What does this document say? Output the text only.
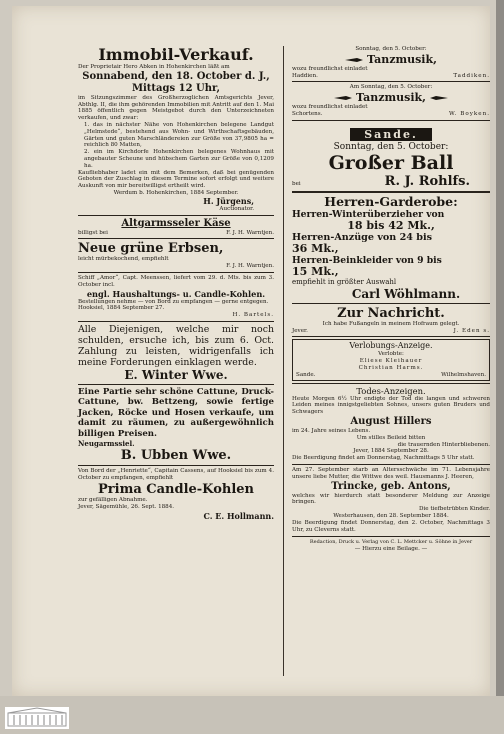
Immobil-Verkauf.
Der Proprietair Hero Abken in Hohenkirchen läßt am
Sonnabend, den 18. October d. J.,
Mittags 12 Uhr,
im Sitzungszimmer des Großherzoglichen Amtsgerichts Jever, Abthlg. II, die ihm gehörenden Immobilien mit Antritt auf den 1. Mai 1885 öffentlich gegen Meistgebot durch den Unterzeichneten verkaufen, und zwar:
1. das in nächster Nähe von Hohenkirchen belegene Landgut „Helmstede“, bestehend aus Wohn- und Wirthschaftsgebäuden, Gärten und guten Marschländereien zur Größe von 37,9805 ha = reichlich 80 Matten,
2. ein im Kirchdorfe Hohenkirchen belegenes Wohnhaus mit angebauter Scheune und hübschem Garten zur Größe von 0,1209 ha.
Kaufliebhaber ladet ein mit dem Bemerken, daß bei genügenden Geboten der Zuschlag in diesem Termine sofort erfolgt und weitere Auskunft von mir bereitwilligst ertheilt wird.
Werdum b. Hohenkirchen, 1884 September.
H. Jürgens,
Auctionator.
Altgarmsseler Käse
billigst bei	F. J. H. Warntjen.
Neue grüne Erbsen,
leicht mürbekochend, empfiehlt
F. J. H. Warntjen.
Schiff „Amor“, Capt. Meenssen, liefert vom 29. d. Mts. bis zum 3. October incl.
engl. Haushaltungs- u. Candle-Kohlen.
Bestellungen nehme — von Bord zu empfangen — gerne entgegen.
Hooksiel, 1884 September 27.
H. Bartels.
Alle Diejenigen, welche mir noch schulden, ersuche ich, bis zum 6. Oct. Zahlung zu leisten, widrigenfalls ich meine Forderungen einklagen werde.
E. Winter Wwe.
Eine Partie sehr schöne Cattune, Druck-Cattune, bw. Bettzeng, sowie fertige Jacken, Röcke und Hosen verkaufe, um damit zu räumen, zu außergewöhnlich billigen Preisen.
Neugarmssiel.
B. Ubben Wwe.
Von Bord der „Henriette“, Capitain Cassens, auf Hooksiel bis zum 4. October zu empfangen, empfiehlt
Prima Candle-Kohlen
zur gefälligen Abnahme.
Jever, Sägemühle, 26. Sept. 1884.
C. E. Hollmann.
Sonntag, den 5. October:
Tanzmusik,
wozu freundlichst einladet
Haddien.	Taddiken.
Am Sonntag, den 5. October:
Tanzmusik,
wozu freundlichst einladet
Schortens.	W. Boyken.
Sande.
Sonntag, den 5. October:
Großer Ball
bei	R. J. Rohlfs.
Herren-Garderobe:
Herren-Winterüberzieher von
18 bis 42 Mk.,
Herren-Anzüge von 24 bis
36 Mk.,
Herren-Beinkleider von 9 bis
15 Mk.,
empfiehlt in größter Auswahl
Carl Wöhlmann.
Zur Nachricht.
Ich habe Fußangeln in meinem Hofraum gelegt.
Jever.	J. Eden s.
Verlobungs-Anzeige.
Verlobte:
Eliese Kleihauer
Christian Harms.
Sande.	Wilhelmshaven.
Todes-Anzeigen.
Heute Morgen 6½ Uhr endigte der Tod die langen und schweren Leiden meines innigstgeliebten Sohnes, unsers guten Bruders und Schwagers
August Hillers
im 24. Jahre seines Lebens.
Um stilles Beileid bitten
die trauernden Hinterbliebenen.
Jever, 1884 September 28.
Die Beerdigung findet am Donnerstag, Nachmittags 5 Uhr statt.
Am 27. September starb an Altersschwäche im 71. Lebensjahre unsere liebe Mutter, die Wittwe des weil. Hausmanns J. Heeren,
Trincke, geb. Antons,
welches wir hierdurch statt besonderer Meldung zur Anzeige bringen.
Die tiefbetrübten Kinder.
Westerhausen, den 28. September 1884.
Die Beerdigung findet Donnerstag, den 2. October, Nachmittags 3 Uhr, zu Cleverns statt.
Redaction, Druck u. Verlag von C. L. Mettcker u. Söhne in Jever
— Hierzu eine Beilage. —
